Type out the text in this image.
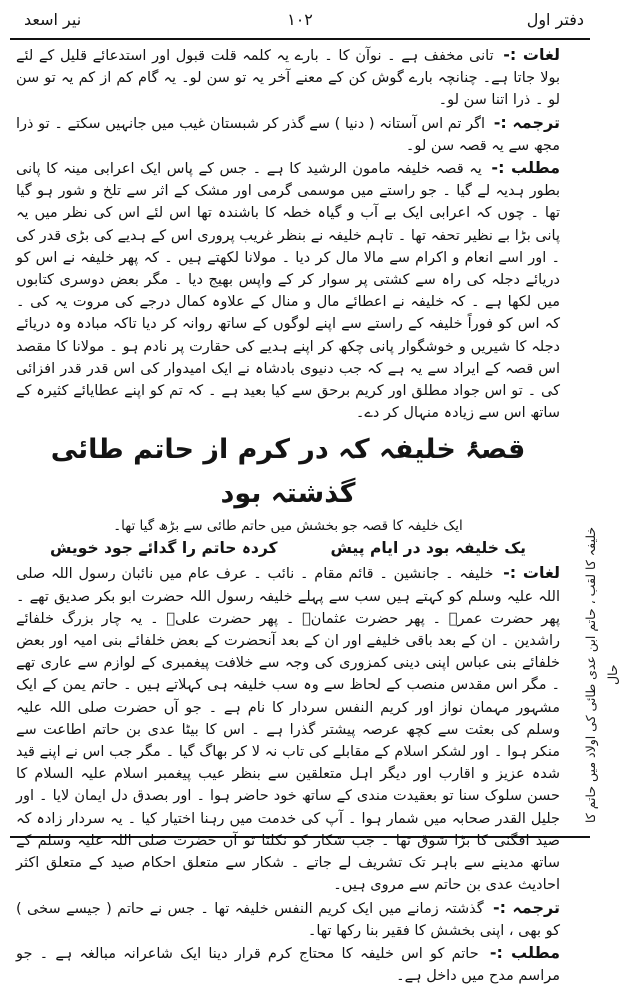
دفتر اول
۱۰۲
نیر اسعد

لغات :- تانی مخفف ہے ۔ نوآن کا ۔ بارے یہ کلمہ قلت قبول اور استدعائے قلیل کے لئے بولا جاتا ہے۔ چنانچہ بارے گوش کن کے معنے آخر یہ تو سن لو۔ یہ گام کم از کم یہ تو سن لو ۔ ذرا اتنا سن لو۔

ترجمہ :- اگر تم اس آستانہ ( دنیا ) سے گذر کر شبستان غیب میں جانہیں سکتے ۔ تو ذرا مجھ سے یہ قصہ سن لو۔

مطلب :- یہ قصہ خلیفہ مامون الرشید کا ہے ۔ جس کے پاس ایک اعرابی مینہ کا پانی بطور ہدیہ لے گیا ۔ جو راستے میں موسمی گرمی اور مشک کے اثر سے تلخ و شور ہو گیا تھا ۔ چوں کہ اعرابی ایک بے آب و گیاہ خطہ کا باشندہ تھا اس لئے اس کی نظر میں یہ پانی بڑا بے نظیر تحفہ تھا ۔ تاہم خلیفہ نے بنظر غریب پروری اس کے ہدیے کی بڑی قدر کی ۔ اور اسے انعام و اکرام سے مالا مال کر دیا ۔ مولانا لکھتے ہیں ۔ کہ پھر خلیفہ نے اس کو دریائے دجلہ کی راہ سے کشتی پر سوار کر کے واپس بھیج دیا ۔ مگر بعض دوسری کتابوں میں لکھا ہے ۔ کہ خلیفہ نے اعطائے مال و منال کے علاوہ کمال درجے کی مروت یہ کی ۔ کہ اس کو فوراً خلیفہ کے راستے سے اپنے لوگوں کے ساتھ روانہ کر دیا تاکہ مبادہ وہ دریائے دجلہ کا شیریں و خوشگوار پانی چکھ کر اپنے ہدیے کی حقارت پر نادم ہو ۔ مولانا کا مقصد اس قصہ کے ایراد سے یہ ہے کہ جب دنیوی بادشاہ نے ایک امیدوار کی اس قدر قدر افزائی کی ۔ تو اس جواد مطلق اور کریم برحق سے کیا بعید ہے ۔ کہ تم کو اپنے عطایائے کثیرہ کے ساتھ اس سے زیادہ منہال کر دے۔

قصۂ خلیفہ کہ در کرم از حاتم طائی گذشتہ بود

ایک خلیفہ کا قصہ جو بخشش میں حاتم طائی سے بڑھ گیا تھا۔

یک خلیفہ بود در ایام پیش
کردہ حاتم را گدائے جود خویش

لغات :- خلیفہ ۔ جانشین ۔ قائم مقام ۔ نائب ۔ عرف عام میں نائبان رسول اللہ صلی اللہ علیہ وسلم کو کہتے ہیں سب سے پہلے خلیفہ رسول اللہ حضرت ابو بکر صدیق تھے ۔ پھر حضرت عمرؓ ۔ پھر حضرت عثمانؓ ۔ پھر حضرت علیؓ ۔ یہ چار بزرگ خلفائے راشدین ۔ ان کے بعد باقی خلیفے اور ان کے بعد آنحضرت کے بعض خلفائے بنی امیہ اور بعض خلفائے بنی عباس اپنی دینی کمزوری کی وجہ سے خلافت پیغمبری کے لوازم سے عاری تھے ۔ مگر اس مقدس منصب کے لحاظ سے وہ سب خلیفہ ہی کہلاتے ہیں ۔ حاتم یمن کے ایک مشہور مہمان نواز اور کریم النفس سردار کا نام ہے ۔ جو آں حضرت صلی اللہ علیہ وسلم کی بعثت سے کچھ عرصہ پیشتر گذرا ہے ۔ اس کا بیٹا عدی بن حاتم اطاعت سے منکر ہوا ۔ اور لشکر اسلام کے مقابلے کی تاب نہ لا کر بھاگ گیا ۔ مگر جب اس نے اپنے قید شدہ عزیز و اقارب اور دیگر اہل متعلقین سے بنظر عیب پیغمبر اسلام علیہ السلام کا حسن سلوک سنا تو بعقیدت مندی کے ساتھ خود حاضر ہوا ۔ اور بصدق دل ایمان لایا ۔ اور جلیل القدر صحابہ میں شمار ہوا ۔ آپ کی خدمت میں رہنا اختیار کیا ۔ یہ سردار زادہ کہ صید افگنی کا بڑا شوق تھا ۔ جب شکار کو نکلتا تو آں حضرت صلی اللہ علیہ وسلم کے ساتھ مدینے سے باہر تک تشریف لے جاتے ۔ شکار سے متعلق احکام صید کے متعلق اکثر احادیث عدی بن حاتم سے مروی ہیں۔

ترجمہ :- گذشتہ زمانے میں ایک کریم النفس خلیفہ تھا ۔ جس نے حاتم ( جیسے سخی ) کو بھی ، اپنی بخشش کا فقیر بنا رکھا تھا۔

مطلب :- حاتم کو اس خلیفہ کا محتاج کرم قرار دینا ایک شاعرانہ مبالغہ ہے ۔ جو مراسم مدح میں داخل ہے۔

خلیفہ کا لقب ، حاتم ابن عدی طائی کی اولاد میں حاتم کا حال
